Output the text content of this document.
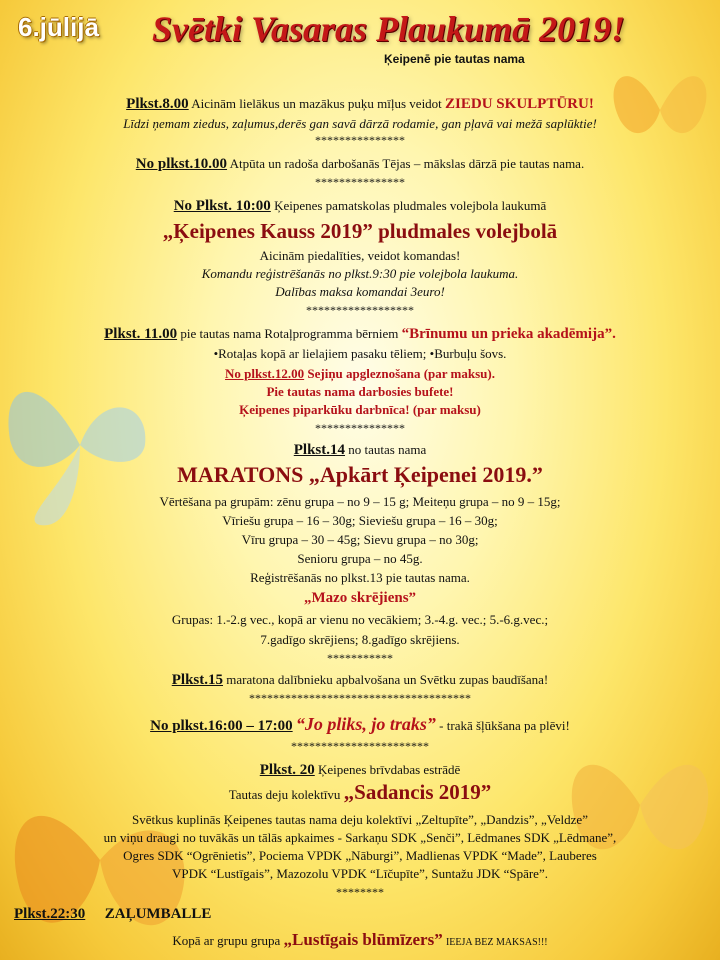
6.jūlijā Svētki Vasaras Plaukumā 2019!
Ķeipenē pie tautas nama
Plkst.8.00 Aicinām lielākus un mazākus puķu mīļus veidot ZIEDU SKULPTŪRU!
Līdzi ņemam ziedus, zaļumus,derēs gan savā dārzā rodamie, gan pļavā vai mežā saplūktie!
***************
No plkst.10.00 Atpūta un radoša darbošanās Tējas – mākslas dārzā pie tautas nama.
***************
No Plkst. 10:00 Ķeipenes pamatskolas pludmales volejbola laukumā
„Ķeipenes Kauss 2019” pludmales volejbolā
Aicinām piedalīties, veidot komandas!
Komandu reģistrēšanās no plkst.9:30 pie volejbola laukuma.
Dalības maksa komandai 3euro!
******************
Plkst. 11.00 pie tautas nama Rotaļprogramma bērniem “Brīnumu un prieka akadēmija”.
•Rotaļas kopā ar lielajiem pasaku tēliem; •Burbuļu šovs.
No plkst.12.00 Sejiņu apgleznošana (par maksu).
Pie tautas nama darbosies bufete!
Ķeipenes piparkūku darbnīca! (par maksu)
***************
Plkst.14 no tautas nama
MARATONS „Apkārt Ķeipenei 2019.”
Vērtēšana pa grupām: zēnu grupa – no 9 – 15 g; Meiteņu grupa – no 9 – 15g;
Vīriešu grupa – 16 – 30g; Sieviešu grupa – 16 – 30g;
Vīru grupa – 30 – 45g; Sievu grupa – no 30g;
Senioru grupa – no 45g.
Reģistrēšanās no plkst.13 pie tautas nama.
„Mazo skrējiens”
Grupas: 1.-2.g vec., kopā ar vienu no vecākiem; 3.-4.g. vec.; 5.-6.g.vec.;
7.gadīgo skrējiens; 8.gadīgo skrējiens.
***********
Plkst.15 maratona dalībnieku apbalvošana un Svētku zupas baudīšana!
*************************************
No plkst.16:00 – 17:00 “Jo pliks, jo traks” - trakā šļūkšana pa plēvi!
***********************
Plkst. 20 Ķeipenes brīvdabas estrādē
Tautas deju kolektīvu „Sadancis 2019”
Svētkus kuplinās Ķeipenes tautas nama deju kolektīvi „Zeltupīte”, „Dandzis”, „Veldze”
un viņu draugi no tuvākās un tālās apkaimes - Sarkaņu SDK „Senči”, Lēdmanes SDK „Lēdmane”,
Ogres SDK “Ogrēnietis”, Pociema VPDK „Nāburgi”, Madlienas VPDK “Made”, Lauberes
VPDK “Lustīgais”, Mazozolu VPDK “Līčupīte”, Suntažu JDK “Spāre”.
********
Plkst.22:30 ZAĻUMBALLE
Kopā ar grupu grupa „Lustīgais blūmīzers” IEEJA BEZ MAKSAS!!!
